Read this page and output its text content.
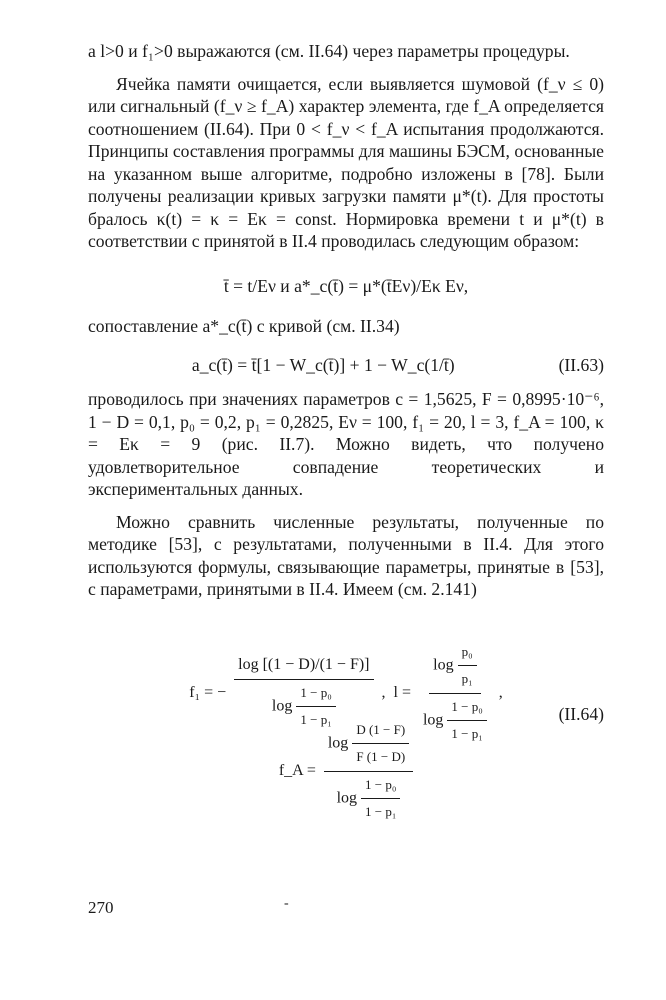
a l>0 и f₁>0 выражаются (см. II.64) через параметры процедуры.

Ячейка памяти очищается, если выявляется шумовой (f_ν ≤ 0) или сигнальный (f_ν ≥ f_A) характер элемента, где f_A определяется соотношением (II.64). При 0 < f_ν < f_A испытания продолжаются. Принципы составления программы для машины БЭСМ, основанные на указанном выше алгоритме, подробно изложены в [78]. Были получены реализации кривых загрузки памяти μ*(t). Для простоты бралось κ(t) = κ = Eκ = const. Нормировка времени t и μ*(t) в соответствии с принятой в II.4 проводилась следующим образом:

t̄ = t/Eν и a*_c(t̄) = μ*(t̄Eν)/Eκ Eν,

сопоставление a*_c(t̄) с кривой (см. II.34)

a_c(t̄) = t̄[1 − W_c(t̄)] + 1 − W_c(1/t̄)	(II.63)

проводилось при значениях параметров c = 1,5625, F = 0,8995·10⁻⁶, 1 − D = 0,1, p₀ = 0,2, p₁ = 0,2825, Eν = 100, f₁ = 20, l = 3, f_A = 100, κ = Eκ = 9 (рис. II.7). Можно видеть, что получено удовлетворительное совпадение теоретических и экспериментальных данных.

Можно сравнить численные результаты, полученные по методике [53], с результатами, полученными в II.4. Для этого используются формулы, связывающие параметры, принятые в [53], с параметрами, принятыми в II.4. Имеем (см. 2.141)

f₁ = − $\frac{\log [(1 - D)/(1 - F)]}{\log \frac{\text{1 − p₀}}{\text{1 − p₁}}}$ , $l = \frac{\log \frac{\text{p₀}}{\text{p₁}}}{\log \frac{\text{1 − p₀}}{\text{1 − p₁}}}$ ,
(II.64)
f_A = $\frac{\log \frac{D (1 - F)}{F (1 - D)}}{\log \frac{\text{1 − p₀}}{\text{1 − p₁}}}$
270	-
